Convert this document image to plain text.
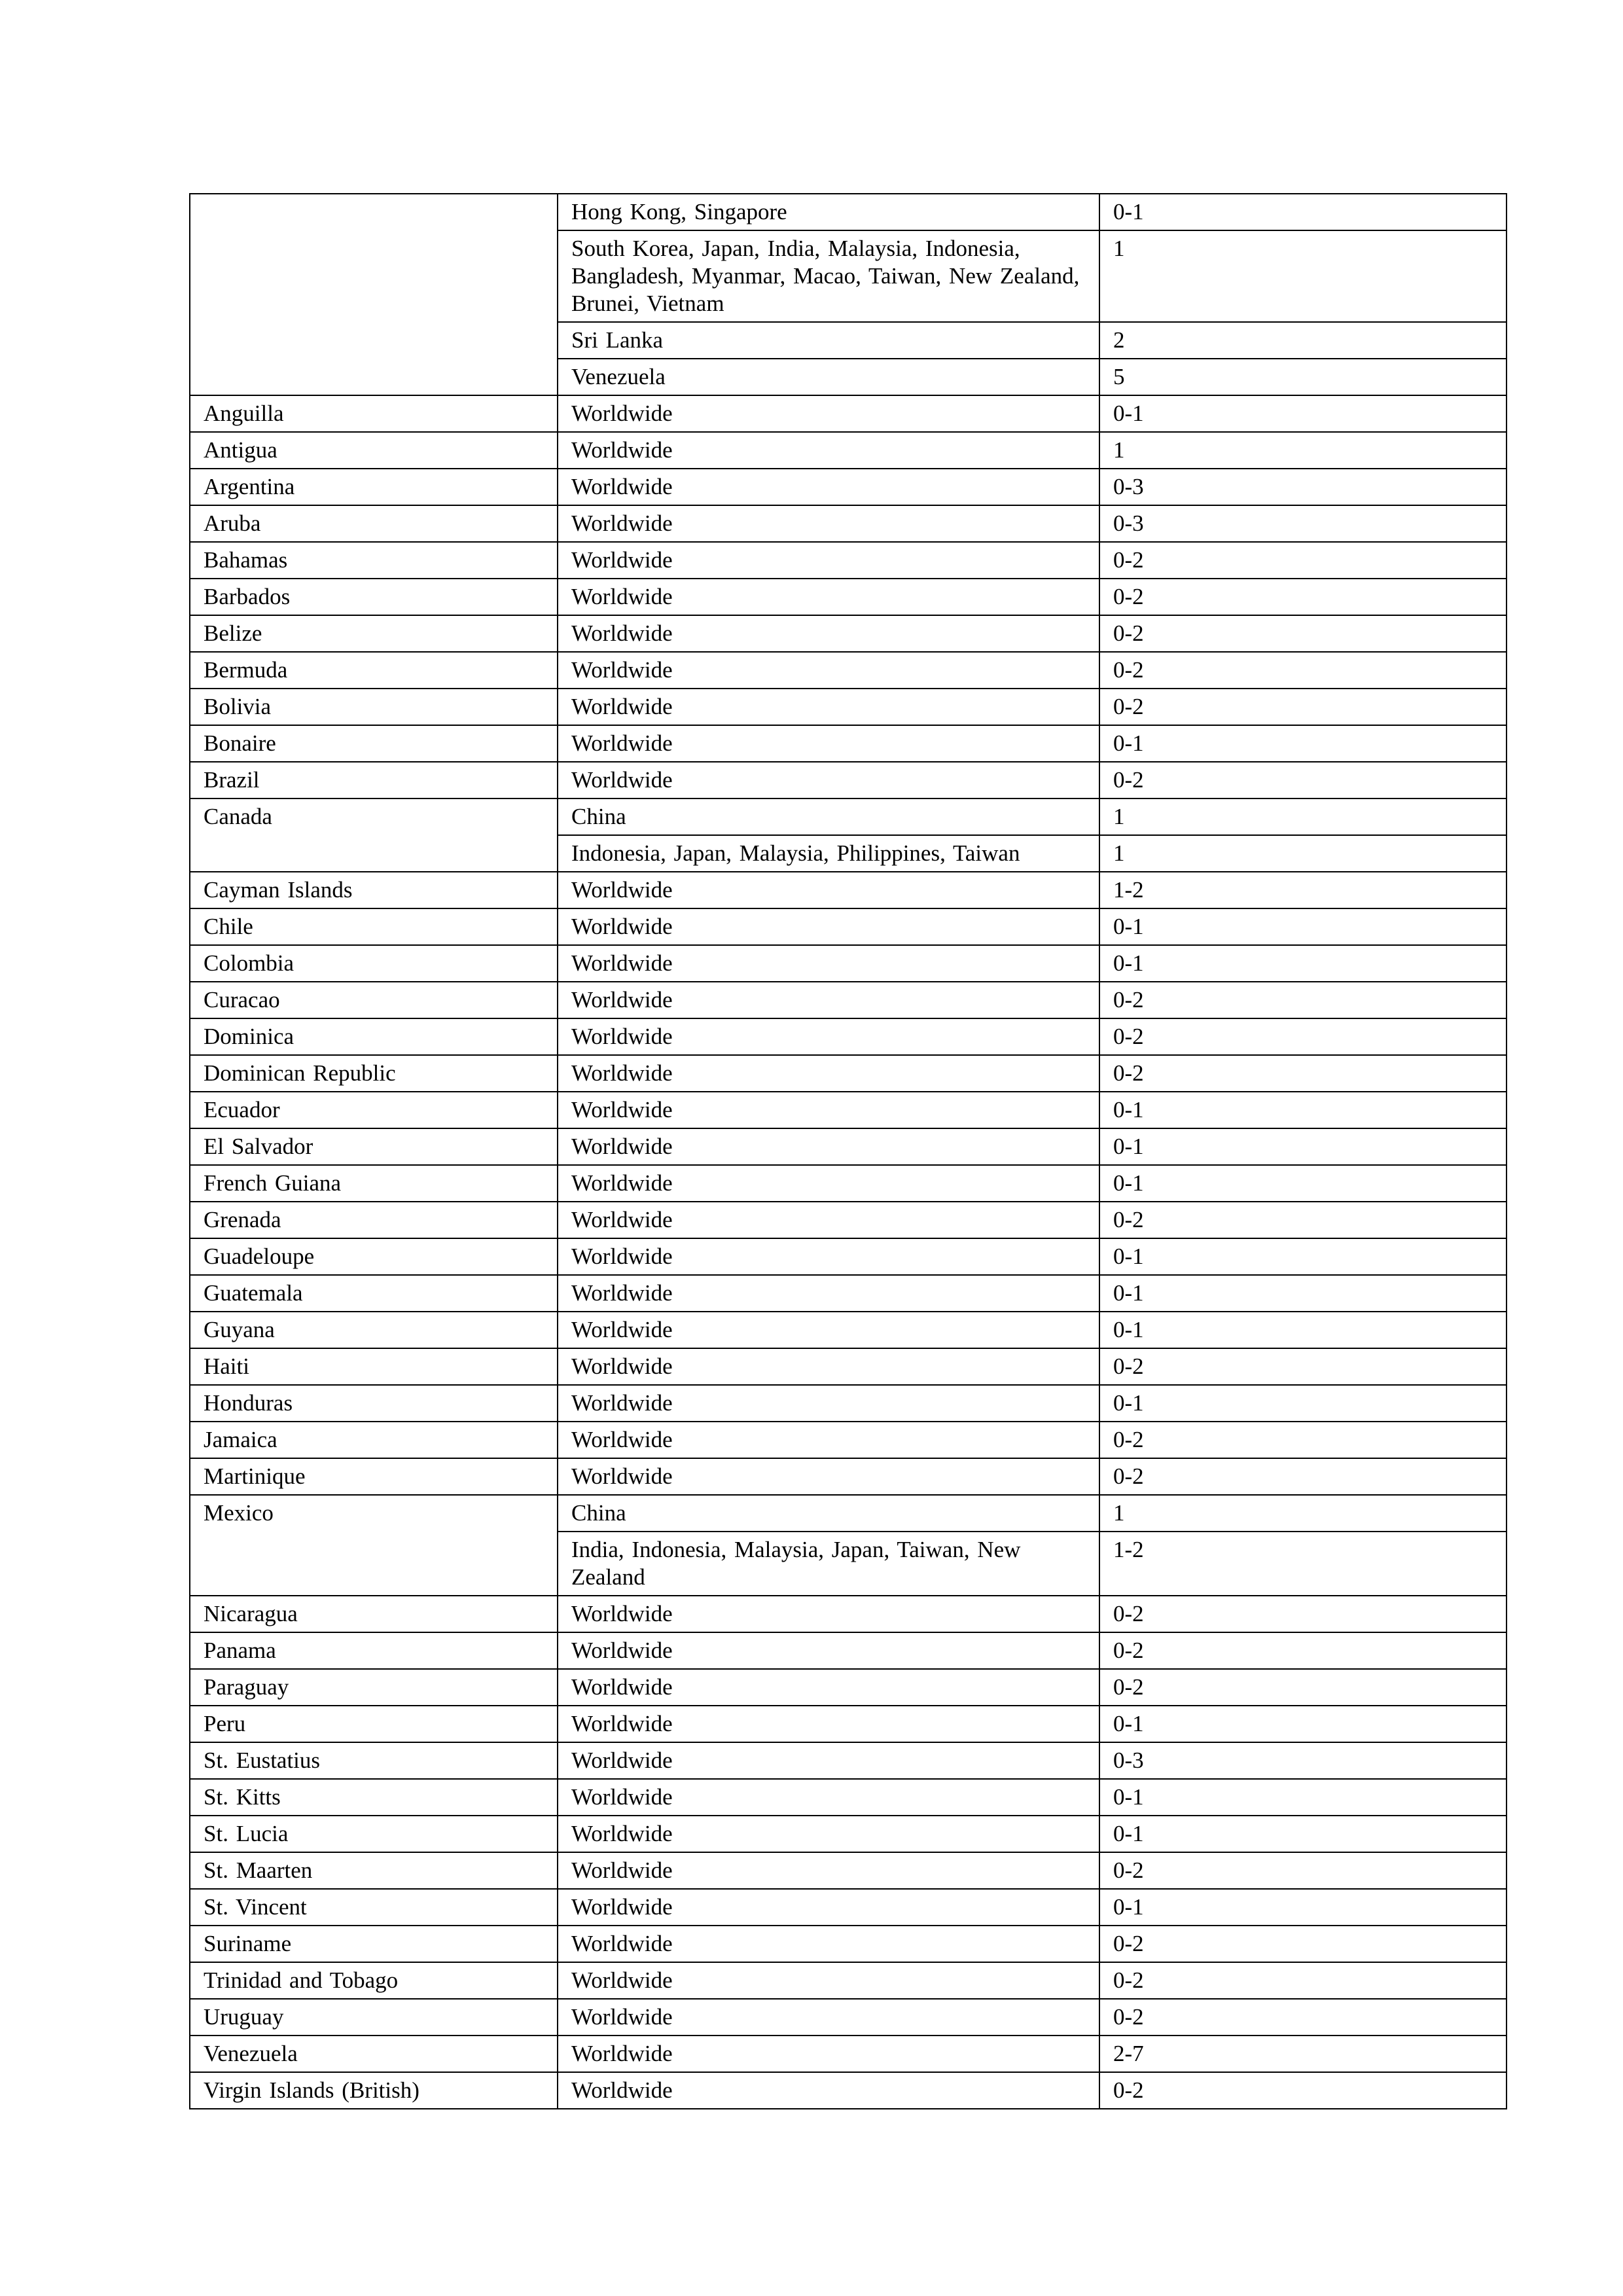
	Hong Kong, Singapore	0-1
	South Korea, Japan, India, Malaysia, Indonesia, Bangladesh, Myanmar, Macao, Taiwan, New Zealand, Brunei, Vietnam	1
	Sri Lanka	2
	Venezuela	5
Anguilla	Worldwide	0-1
Antigua	Worldwide	1
Argentina	Worldwide	0-3
Aruba	Worldwide	0-3
Bahamas	Worldwide	0-2
Barbados	Worldwide	0-2
Belize	Worldwide	0-2
Bermuda	Worldwide	0-2
Bolivia	Worldwide	0-2
Bonaire	Worldwide	0-1
Brazil	Worldwide	0-2
Canada	China	1
	Indonesia, Japan, Malaysia, Philippines, Taiwan	1
Cayman Islands	Worldwide	1-2
Chile	Worldwide	0-1
Colombia	Worldwide	0-1
Curacao	Worldwide	0-2
Dominica	Worldwide	0-2
Dominican Republic	Worldwide	0-2
Ecuador	Worldwide	0-1
El Salvador	Worldwide	0-1
French Guiana	Worldwide	0-1
Grenada	Worldwide	0-2
Guadeloupe	Worldwide	0-1
Guatemala	Worldwide	0-1
Guyana	Worldwide	0-1
Haiti	Worldwide	0-2
Honduras	Worldwide	0-1
Jamaica	Worldwide	0-2
Martinique	Worldwide	0-2
Mexico	China	1
	India, Indonesia, Malaysia, Japan, Taiwan, New Zealand	1-2
Nicaragua	Worldwide	0-2
Panama	Worldwide	0-2
Paraguay	Worldwide	0-2
Peru	Worldwide	0-1
St. Eustatius	Worldwide	0-3
St. Kitts	Worldwide	0-1
St. Lucia	Worldwide	0-1
St. Maarten	Worldwide	0-2
St. Vincent	Worldwide	0-1
Suriname	Worldwide	0-2
Trinidad and Tobago	Worldwide	0-2
Uruguay	Worldwide	0-2
Venezuela	Worldwide	2-7
Virgin Islands (British)	Worldwide	0-2
